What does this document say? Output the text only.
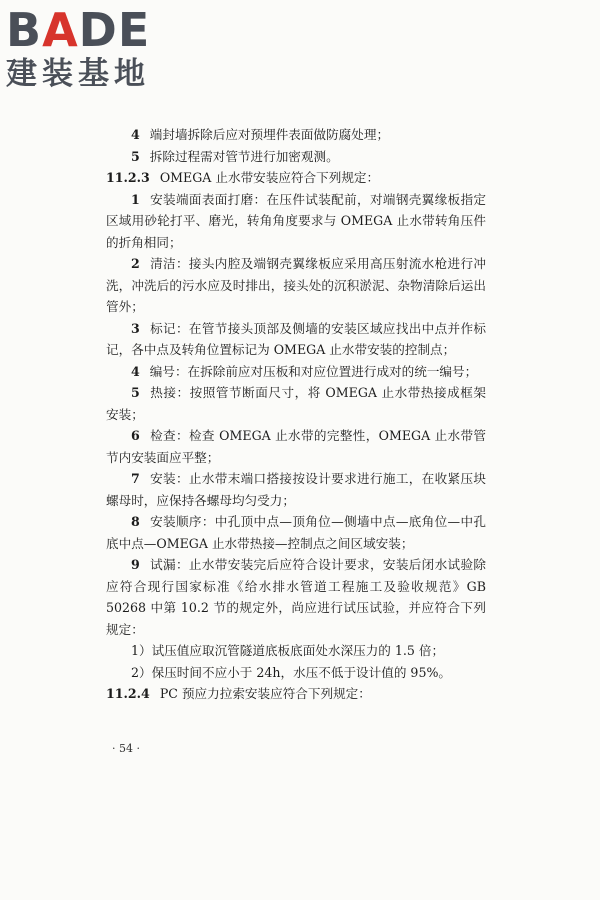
BADE
建装基地

4 端封墙拆除后应对预埋件表面做防腐处理；

5 拆除过程需对管节进行加密观测。

11.2.3 OMEGA 止水带安装应符合下列规定：

1 安装端面表面打磨：在压件试装配前，对端钢壳翼缘板指定区域用砂轮打平、磨光，转角角度要求与 OMEGA 止水带转角压件的折角相同；

2 清洁：接头内腔及端钢壳翼缘板应采用高压射流水枪进行冲洗，冲洗后的污水应及时排出，接头处的沉积淤泥、杂物清除后运出管外；

3 标记：在管节接头顶部及侧墙的安装区域应找出中点并作标记，各中点及转角位置标记为 OMEGA 止水带安装的控制点；

4 编号：在拆除前应对压板和对应位置进行成对的统一编号；

5 热接：按照管节断面尺寸，将 OMEGA 止水带热接成框架安装；

6 检查：检查 OMEGA 止水带的完整性，OMEGA 止水带管节内安装面应平整；

7 安装：止水带末端口搭接按设计要求进行施工，在收紧压块螺母时，应保持各螺母均匀受力；

8 安装顺序：中孔顶中点—顶角位—侧墙中点—底角位—中孔底中点—OMEGA 止水带热接—控制点之间区域安装；

9 试漏：止水带安装完后应符合设计要求，安装后闭水试验除应符合现行国家标准《给水排水管道工程施工及验收规范》GB 50268 中第 10.2 节的规定外，尚应进行试压试验，并应符合下列规定：

1）试压值应取沉管隧道底板底面处水深压力的 1.5 倍；

2）保压时间不应小于 24h，水压不低于设计值的 95%。

11.2.4 PC 预应力拉索安装应符合下列规定：

· 54 ·
